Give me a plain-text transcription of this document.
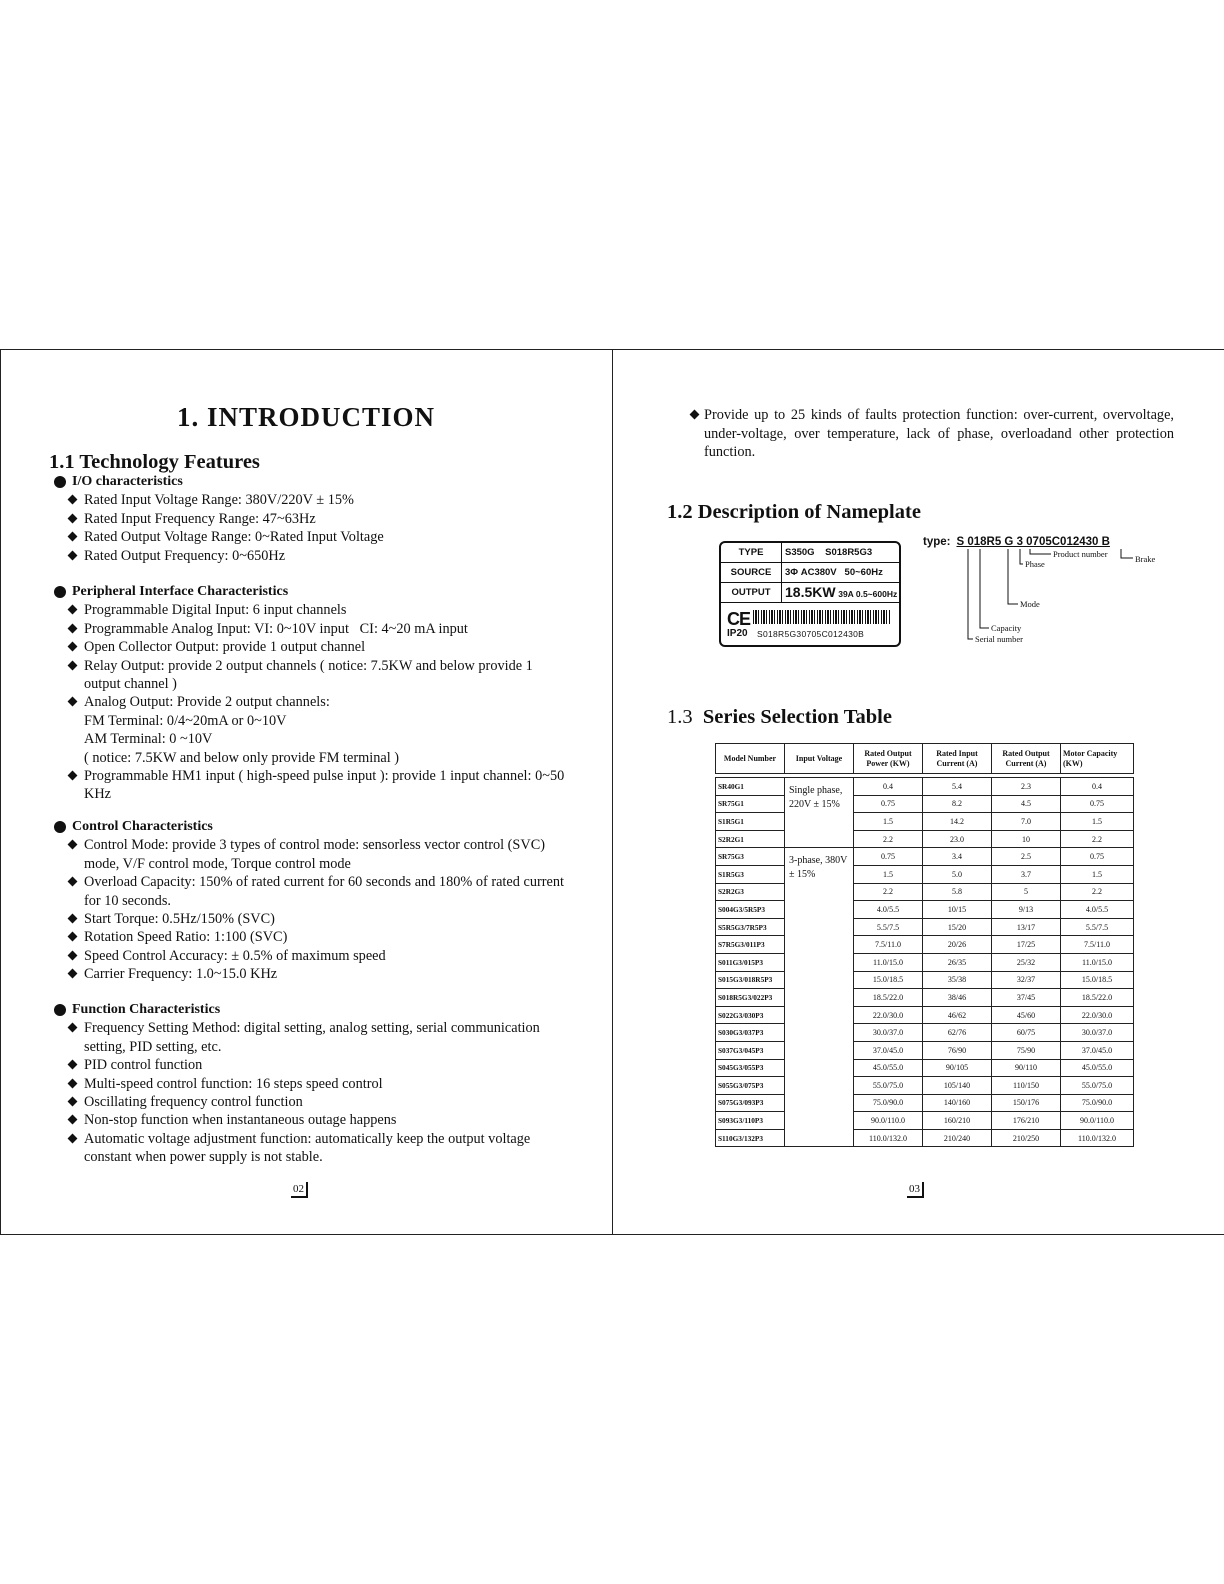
1. INTRODUCTION
1.1 Technology Features
I/O characteristics
Rated Input Voltage Range: 380V/220V ± 15%
Rated Input Frequency Range: 47~63Hz
Rated Output Voltage Range: 0~Rated Input Voltage
Rated Output Frequency: 0~650Hz
Peripheral Interface Characteristics
Programmable Digital Input: 6 input channels
Programmable Analog Input: VI: 0~10V input   CI: 4~20 mA input
Open Collector Output: provide 1 output channel
Relay Output: provide 2 output channels ( notice: 7.5KW and below provide 1 output channel )
Analog Output: Provide 2 output channels:
FM Terminal: 0/4~20mA or 0~10V
AM Terminal: 0 ~10V
( notice: 7.5KW and below only provide FM terminal )
Programmable HM1 input ( high-speed pulse input ): provide 1 input channel: 0~50 KHz
Control Characteristics
Control Mode: provide 3 types of control mode: sensorless vector control (SVC) mode, V/F control mode, Torque control mode
Overload Capacity: 150% of rated current for 60 seconds and 180% of rated current for 10 seconds.
Start Torque: 0.5Hz/150% (SVC)
Rotation Speed Ratio: 1:100 (SVC)
Speed Control Accuracy: ± 0.5% of maximum speed
Carrier Frequency: 1.0~15.0 KHz
Function Characteristics
Frequency Setting Method: digital setting, analog setting, serial communication setting, PID setting, etc.
PID control function
Multi-speed control function: 16 steps speed control
Oscillating frequency control function
Non-stop function when instantaneous outage happens
Automatic voltage adjustment function: automatically keep the output voltage constant when power supply is not stable.
02

Provide up to 25 kinds of faults protection function: over-current, overvoltage, under-voltage, over temperature, lack of phase, overloadand other protection function.

1.2 Description of Nameplate
TYPE	S350G    S018R5G3
SOURCE	3Φ AC380V   50~60Hz
OUTPUT	18.5KW 39A 0.5~600Hz
CE
IP20 S018R5G30705C012430B
type: S 018R5 G 3 0705C012430 B
Brake
Product number
Phase
Mode
Capacity
Serial number
1.3 Series Selection Table
Model Number	Input Voltage	Rated Output Power (KW)	Rated Input Current (A)	Rated Output Current (A)	Motor Capacity (KW)

SR40G1	Single phase, 220V ± 15%	0.4	5.4	2.3	0.4
SR75G1		0.75	8.2	4.5	0.75
S1R5G1		1.5	14.2	7.0	1.5
S2R2G1		2.2	23.0	10	2.2
SR75G3	3-phase, 380V ± 15%	0.75	3.4	2.5	0.75
S1R5G3		1.5	5.0	3.7	1.5
S2R2G3		2.2	5.8	5	2.2
S004G3/5R5P3		4.0/5.5	10/15	9/13	4.0/5.5
S5R5G3/7R5P3		5.5/7.5	15/20	13/17	5.5/7.5
S7R5G3/011P3		7.5/11.0	20/26	17/25	7.5/11.0
S011G3/015P3		11.0/15.0	26/35	25/32	11.0/15.0
S015G3/018R5P3		15.0/18.5	35/38	32/37	15.0/18.5
S018R5G3/022P3		18.5/22.0	38/46	37/45	18.5/22.0
S022G3/030P3		22.0/30.0	46/62	45/60	22.0/30.0
S030G3/037P3		30.0/37.0	62/76	60/75	30.0/37.0
S037G3/045P3		37.0/45.0	76/90	75/90	37.0/45.0
S045G3/055P3		45.0/55.0	90/105	90/110	45.0/55.0
S055G3/075P3		55.0/75.0	105/140	110/150	55.0/75.0
S075G3/093P3		75.0/90.0	140/160	150/176	75.0/90.0
S093G3/110P3		90.0/110.0	160/210	176/210	90.0/110.0
S110G3/132P3		110.0/132.0	210/240	210/250	110.0/132.0
03
